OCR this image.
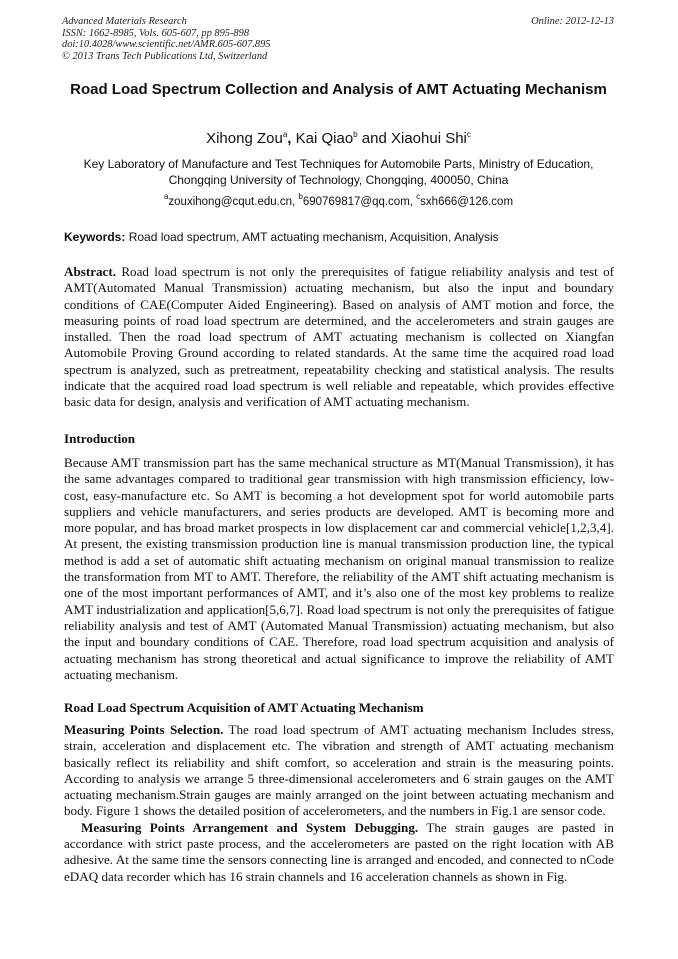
Advanced Materials Research
ISSN: 1662-8985, Vols. 605-607, pp 895-898
doi:10.4028/www.scientific.net/AMR.605-607.895
© 2013 Trans Tech Publications Ltd, Switzerland
Online: 2012-12-13
Road Load Spectrum Collection and Analysis of AMT Actuating Mechanism
Xihong Zou$^a$, Kai Qiao$^b$ and Xiaohui Shi$^c$
Key Laboratory of Manufacture and Test Techniques for Automobile Parts, Ministry of Education,
Chongqing University of Technology, Chongqing, 400050, China
$^a$zouxihong@cqut.edu.cn, $^b$690769817@qq.com, $^c$sxh666@126.com
Keywords: Road load spectrum, AMT actuating mechanism, Acquisition, Analysis

Abstract. Road load spectrum is not only the prerequisites of fatigue reliability analysis and test of AMT(Automated Manual Transmission) actuating mechanism, but also the input and boundary conditions of CAE(Computer Aided Engineering). Based on analysis of AMT motion and force, the measuring points of road load spectrum are determined, and the accelerometers and strain gauges are installed. Then the road load spectrum of AMT actuating mechanism is collected on Xiangfan Automobile Proving Ground according to related standards. At the same time the acquired road load spectrum is analyzed, such as pretreatment, repeatability checking and statistical analysis. The results indicate that the acquired road load spectrum is well reliable and repeatable, which provides effective basic data for design, analysis and verification of AMT actuating mechanism.

Introduction

Because AMT transmission part has the same mechanical structure as MT(Manual Transmission), it has the same advantages compared to traditional gear transmission with high transmission efficiency, low-cost, easy-manufacture etc. So AMT is becoming a hot development spot for world automobile parts suppliers and vehicle manufacturers, and series products are developed. AMT is becoming more and more popular, and has broad market prospects in low displacement car and commercial vehicle[1,2,3,4]. At present, the existing transmission production line is manual transmission production line, the typical method is add a set of automatic shift actuating mechanism on original manual transmission to realize the transformation from MT to AMT. Therefore, the reliability of the AMT shift actuating mechanism is one of the most important performances of AMT, and it’s also one of the most key problems to realize AMT industrialization and application[5,6,7]. Road load spectrum is not only the prerequisites of fatigue reliability analysis and test of AMT (Automated Manual Transmission) actuating mechanism, but also the input and boundary conditions of CAE. Therefore, road load spectrum acquisition and analysis of actuating mechanism has strong theoretical and actual significance to improve the reliability of AMT actuating mechanism.

Road Load Spectrum Acquisition of AMT Actuating Mechanism

Measuring Points Selection. The road load spectrum of AMT actuating mechanism Includes stress, strain, acceleration and displacement etc. The vibration and strength of AMT actuating mechanism basically reflect its reliability and shift comfort, so acceleration and strain is the measuring points. According to analysis we arrange 5 three-dimensional accelerometers and 6 strain gauges on the AMT actuating mechanism.Strain gauges are mainly arranged on the joint between actuating mechanism and body. Figure 1 shows the detailed position of accelerometers, and the numbers in Fig.1 are sensor code.

Measuring Points Arrangement and System Debugging. The strain gauges are pasted in accordance with strict paste process, and the accelerometers are pasted on the right location with AB adhesive. At the same time the sensors connecting line is arranged and encoded, and connected to nCode eDAQ data recorder which has 16 strain channels and 16 acceleration channels as shown in Fig.
